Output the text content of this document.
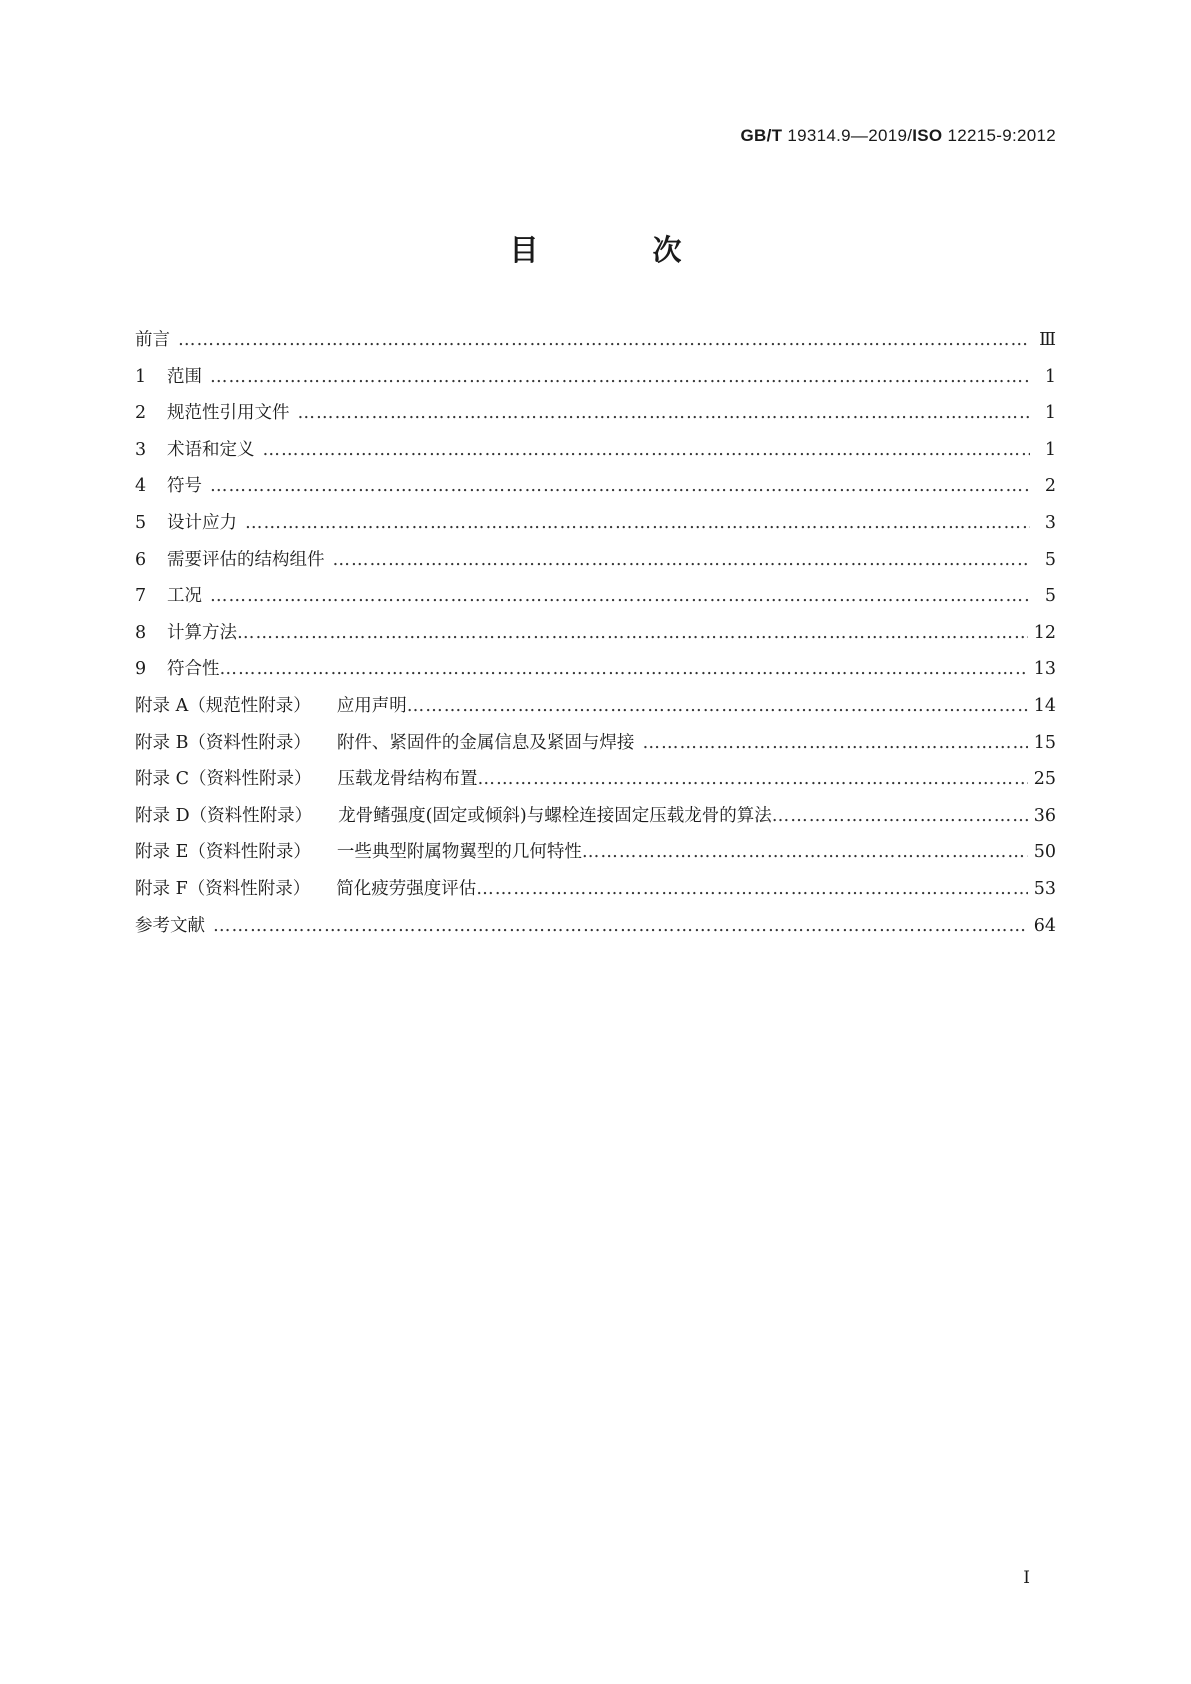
GB/T 19314.9—2019/ISO 12215-9:2012
目 次
前言 …………………………………………………………………………………………………………………………………………………………………………………………………………………………………………	Ⅲ
1	范围 …………………………………………………………………………………………………………………………………………………………………………………………………………………………………………	1
2	规范性引用文件 …………………………………………………………………………………………………………………………………………………………………………………………………………………………………………	1
3	术语和定义 …………………………………………………………………………………………………………………………………………………………………………………………………………………………………………	1
4	符号 …………………………………………………………………………………………………………………………………………………………………………………………………………………………………………	2
5	设计应力 …………………………………………………………………………………………………………………………………………………………………………………………………………………………………………	3
6	需要评估的结构组件 …………………………………………………………………………………………………………………………………………………………………………………………………………………………………………	5
7	工况 …………………………………………………………………………………………………………………………………………………………………………………………………………………………………………	5
8	计算方法 …………………………………………………………………………………………………………………………………………………………………………………………………………………………………………	12
9	符合性 …………………………………………………………………………………………………………………………………………………………………………………………………………………………………………	13
附录 A（规范性附录） 应用声明 …………………………………………………………………………………………………………………………………………………………………………………………………………………………………………	14
附录 B（资料性附录） 附件、紧固件的金属信息及紧固与焊接 …………………………………………………………………………………………………………………………………………………………………………………………………………………………………………	15
附录 C（资料性附录） 压载龙骨结构布置 …………………………………………………………………………………………………………………………………………………………………………………………………………………………………………	25
附录 D（资料性附录） 龙骨鳍强度(固定或倾斜)与螺栓连接固定压载龙骨的算法 …………………………………………………………………………………………………………………………………………………………………………………………………………………………………………	36
附录 E（资料性附录） 一些典型附属物翼型的几何特性 …………………………………………………………………………………………………………………………………………………………………………………………………………………………………………	50
附录 F（资料性附录） 简化疲劳强度评估 …………………………………………………………………………………………………………………………………………………………………………………………………………………………………………	53
参考文献 …………………………………………………………………………………………………………………………………………………………………………………………………………………………………………	64
I
